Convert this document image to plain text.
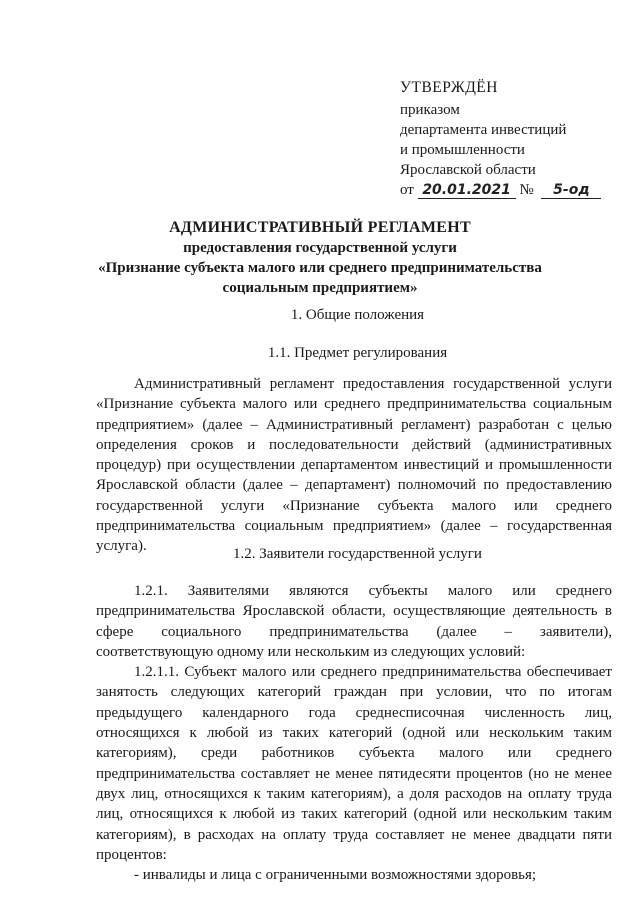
УТВЕРЖДЁН
приказом
департамента инвестиций
и промышленности
Ярославской области
от 20.01.2021 № 5-од
АДМИНИСТРАТИВНЫЙ РЕГЛАМЕНТ
предоставления государственной услуги
«Признание субъекта малого или среднего предпринимательства
социальным предприятием»
1. Общие положения
1.1. Предмет регулирования

Административный регламент предоставления государственной услуги «Признание субъекта малого или среднего предпринимательства социальным предприятием» (далее – Административный регламент) разработан с целью определения сроков и последовательности действий (административных процедур) при осуществлении департаментом инвестиций и промышленности Ярославской области (далее – департамент) полномочий по предоставлению государственной услуги «Признание субъекта малого или среднего предпринимательства социальным предприятием» (далее – государственная услуга).	1.2. Заявители государственной услуги

1.2.1. Заявителями являются субъекты малого или среднего предпринимательства Ярославской области, осуществляющие деятельность в сфере социального предпринимательства (далее – заявители), соответствующую одному или нескольким из следующих условий:

1.2.1.1. Субъект малого или среднего предпринимательства обеспечивает занятость следующих категорий граждан при условии, что по итогам предыдущего календарного года среднесписочная численность лиц, относящихся к любой из таких категорий (одной или нескольким таким категориям), среди работников субъекта малого или среднего предпринимательства составляет не менее пятидесяти процентов (но не менее двух лиц, относящихся к таким категориям), а доля расходов на оплату труда лиц, относящихся к любой из таких категорий (одной или нескольким таким категориям), в расходах на оплату труда составляет не менее двадцати пяти процентов:

- инвалиды и лица с ограниченными возможностями здоровья;
